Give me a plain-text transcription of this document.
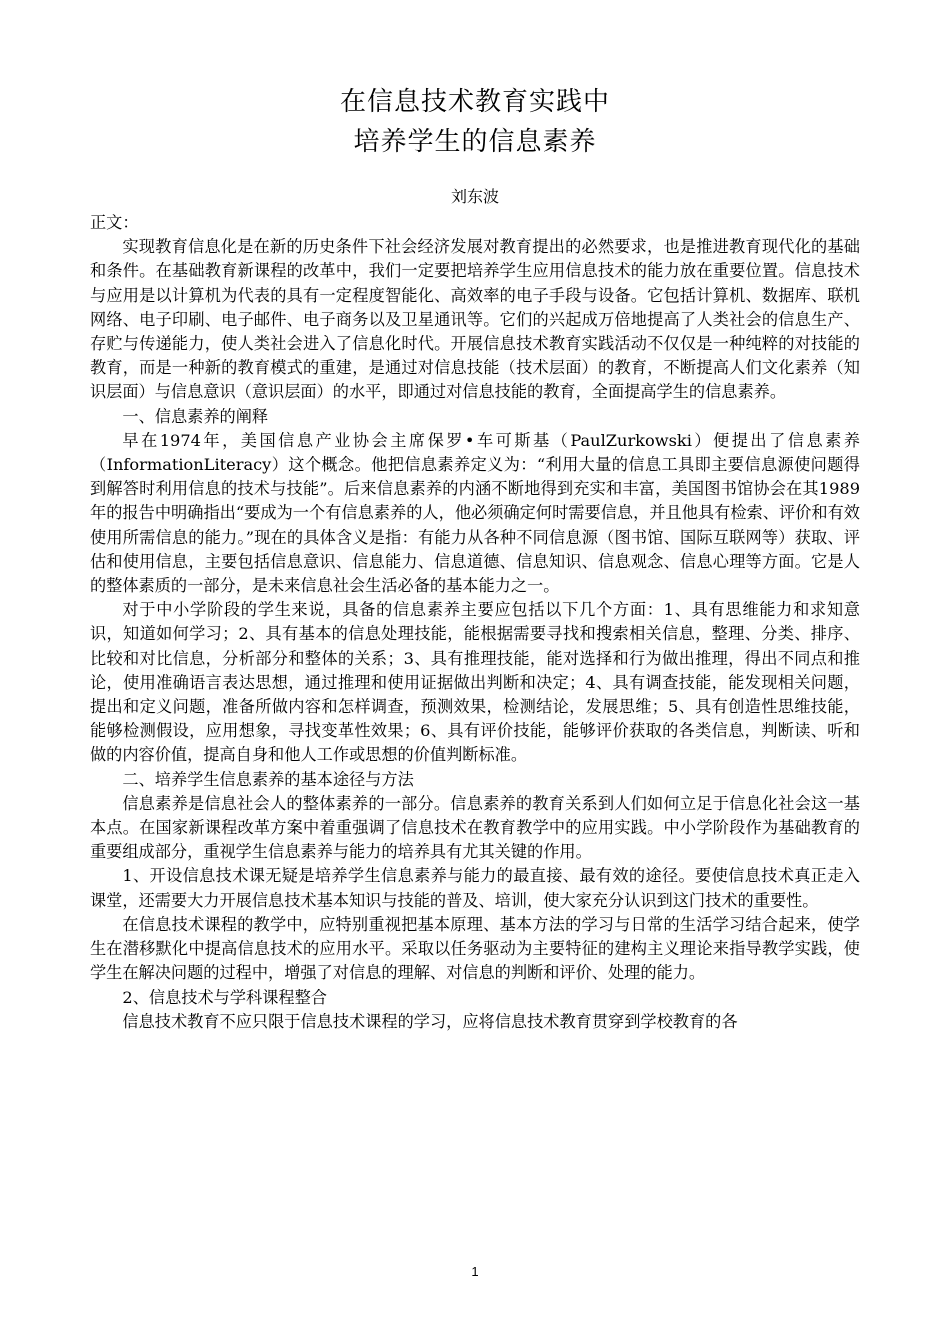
在信息技术教育实践中
培养学生的信息素养
刘东波

正文：

实现教育信息化是在新的历史条件下社会经济发展对教育提出的必然要求，也是推进教育现代化的基础和条件。在基础教育新课程的改革中，我们一定要把培养学生应用信息技术的能力放在重要位置。信息技术与应用是以计算机为代表的具有一定程度智能化、高效率的电子手段与设备。它包括计算机、数据库、联机网络、电子印刷、电子邮件、电子商务以及卫星通讯等。它们的兴起成万倍地提高了人类社会的信息生产、存贮与传递能力，使人类社会进入了信息化时代。开展信息技术教育实践活动不仅仅是一种纯粹的对技能的教育，而是一种新的教育模式的重建，是通过对信息技能（技术层面）的教育，不断提高人们文化素养（知识层面）与信息意识（意识层面）的水平，即通过对信息技能的教育，全面提高学生的信息素养。

一、信息素养的阐释

早在1974年，美国信息产业协会主席保罗•车可斯基（PaulZurkowski）便提出了信息素养（InformationLiteracy）这个概念。他把信息素养定义为：“利用大量的信息工具即主要信息源使问题得到解答时利用信息的技术与技能”。后来信息素养的内涵不断地得到充实和丰富，美国图书馆协会在其1989年的报告中明确指出“要成为一个有信息素养的人，他必须确定何时需要信息，并且他具有检索、评价和有效使用所需信息的能力。”现在的具体含义是指：有能力从各种不同信息源（图书馆、国际互联网等）获取、评估和使用信息，主要包括信息意识、信息能力、信息道德、信息知识、信息观念、信息心理等方面。它是人的整体素质的一部分，是未来信息社会生活必备的基本能力之一。

对于中小学阶段的学生来说，具备的信息素养主要应包括以下几个方面：1、具有思维能力和求知意识，知道如何学习；2、具有基本的信息处理技能，能根据需要寻找和搜索相关信息，整理、分类、排序、比较和对比信息，分析部分和整体的关系；3、具有推理技能，能对选择和行为做出推理，得出不同点和推论，使用准确语言表达思想，通过推理和使用证据做出判断和决定；4、具有调查技能，能发现相关问题，提出和定义问题，准备所做内容和怎样调查，预测效果，检测结论，发展思维；5、具有创造性思维技能，能够检测假设，应用想象，寻找变革性效果；6、具有评价技能，能够评价获取的各类信息，判断读、听和做的内容价值，提高自身和他人工作或思想的价值判断标准。

二、培养学生信息素养的基本途径与方法

信息素养是信息社会人的整体素养的一部分。信息素养的教育关系到人们如何立足于信息化社会这一基本点。在国家新课程改革方案中着重强调了信息技术在教育教学中的应用实践。中小学阶段作为基础教育的重要组成部分，重视学生信息素养与能力的培养具有尤其关键的作用。

1、开设信息技术课无疑是培养学生信息素养与能力的最直接、最有效的途径。要使信息技术真正走入课堂，还需要大力开展信息技术基本知识与技能的普及、培训，使大家充分认识到这门技术的重要性。

在信息技术课程的教学中，应特别重视把基本原理、基本方法的学习与日常的生活学习结合起来，使学生在潜移默化中提高信息技术的应用水平。采取以任务驱动为主要特征的建构主义理论来指导教学实践，使学生在解决问题的过程中，增强了对信息的理解、对信息的判断和评价、处理的能力。

2、信息技术与学科课程整合

信息技术教育不应只限于信息技术课程的学习，应将信息技术教育贯穿到学校教育的各

1
